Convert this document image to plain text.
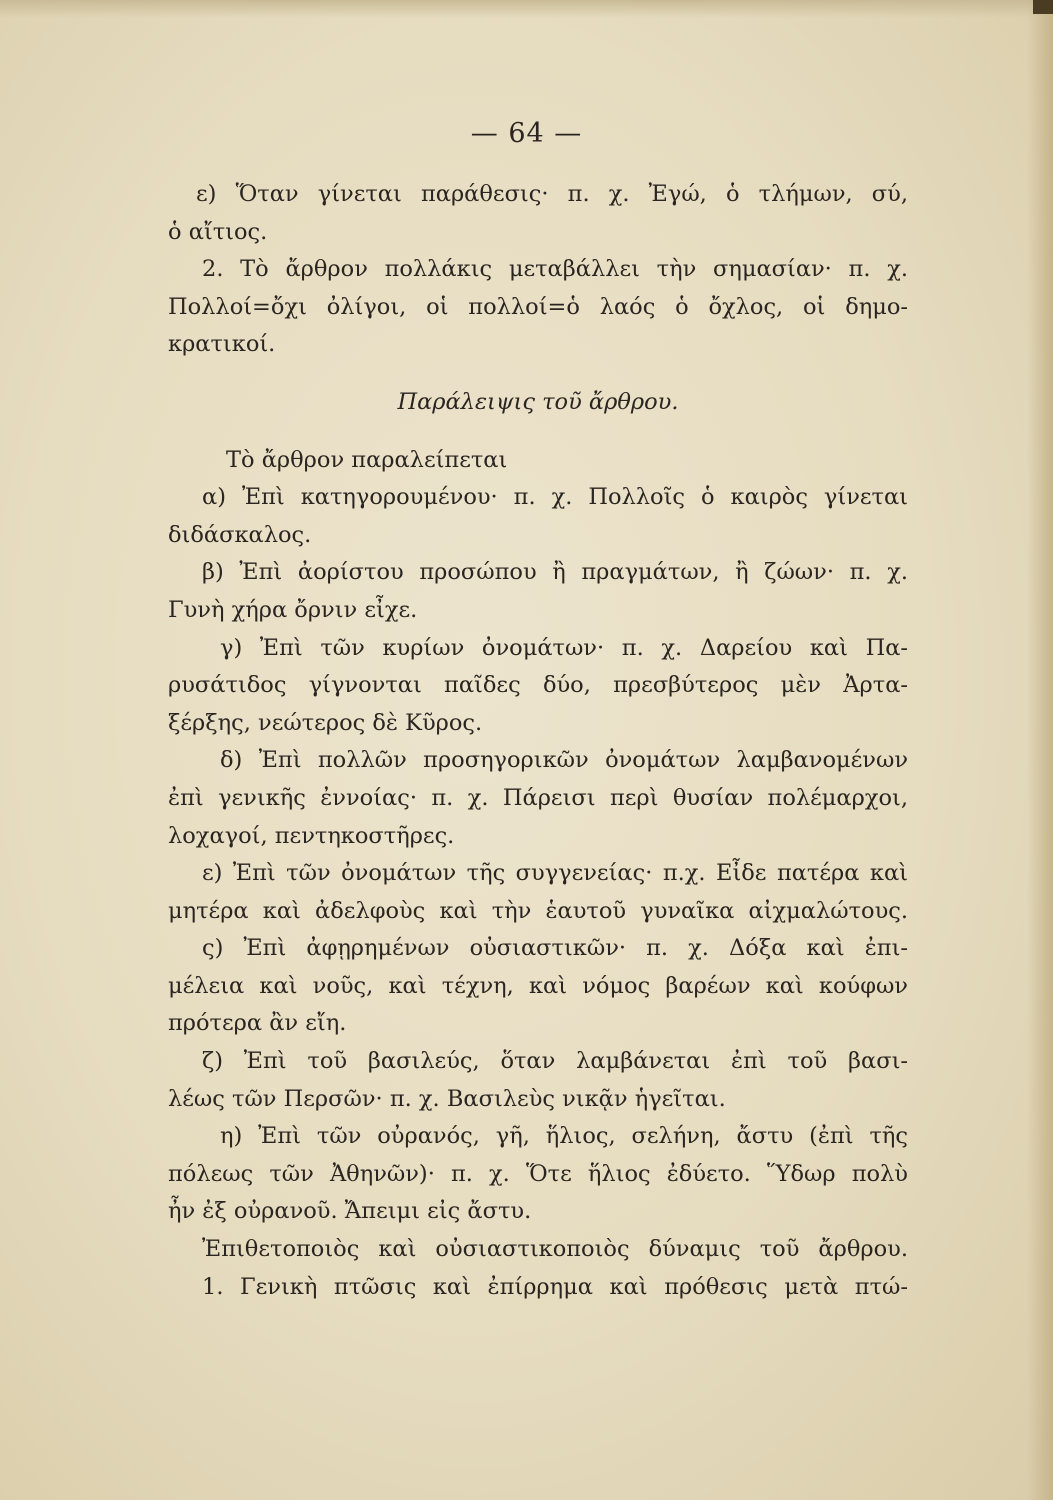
— 64 —
ε) Ὅταν γίνεται παράθεσις· π. χ. Ἐγώ, ὁ τλήμων, σύ,
ὁ αἴτιος.
2. Τὸ ἄρθρον πολλάκις μεταβάλλει τὴν σημασίαν· π. χ.
Πολλοί=ὄχι ὀλίγοι, οἱ πολλοί=ὁ λαός ὁ ὄχλος, οἱ δημο-
κρατικοί.
Παράλειψις τοῦ ἄρθρου.
Τὸ ἄρθρον παραλείπεται
α) Ἐπὶ κατηγορουμένου· π. χ. Πολλοῖς ὁ καιρὸς γίνεται
διδάσκαλος.
β) Ἐπὶ ἀορίστου προσώπου ἢ πραγμάτων, ἢ ζώων· π. χ.
Γυνὴ χήρα ὄρνιν εἶχε.
γ) Ἐπὶ τῶν κυρίων ὀνομάτων· π. χ. Δαρείου καὶ Πα-
ρυσάτιδος γίγνονται παῖδες δύο, πρεσβύτερος μὲν Ἀρτα-
ξέρξης, νεώτερος δὲ Κῦρος.
δ) Ἐπὶ πολλῶν προσηγορικῶν ὀνομάτων λαμβανομένων
ἐπὶ γενικῆς ἐννοίας· π. χ. Πάρεισι περὶ θυσίαν πολέμαρχοι,
λοχαγοί, πεντηκοστῆρες.
ε) Ἐπὶ τῶν ὀνομάτων τῆς συγγενείας· π.χ. Εἶδε πατέρα καὶ
μητέρα καὶ ἀδελφοὺς καὶ τὴν ἑαυτοῦ γυναῖκα αἰχμαλώτους.
ς) Ἐπὶ ἀφῃρημένων οὐσιαστικῶν· π. χ. Δόξα καὶ ἐπι-
μέλεια καὶ νοῦς, καὶ τέχνη, καὶ νόμος βαρέων καὶ κούφων
πρότερα ἂν εἴη.
ζ) Ἐπὶ τοῦ βασιλεύς, ὅταν λαμβάνεται ἐπὶ τοῦ βασι-
λέως τῶν Περσῶν· π. χ. Βασιλεὺς νικᾷν ἡγεῖται.
η) Ἐπὶ τῶν οὐρανός, γῆ, ἥλιος, σελήνη, ἄστυ (ἐπὶ τῆς
πόλεως τῶν Ἀθηνῶν)· π. χ. Ὅτε ἥλιος ἐδύετο. Ὕδωρ πολὺ
ἦν ἐξ οὐρανοῦ. Ἄπειμι εἰς ἄστυ.
Ἐπιθετοποιὸς καὶ οὐσιαστικοποιὸς δύναμις τοῦ ἄρθρου.
1. Γενικὴ πτῶσις καὶ ἐπίρρημα καὶ πρόθεσις μετὰ πτώ-
